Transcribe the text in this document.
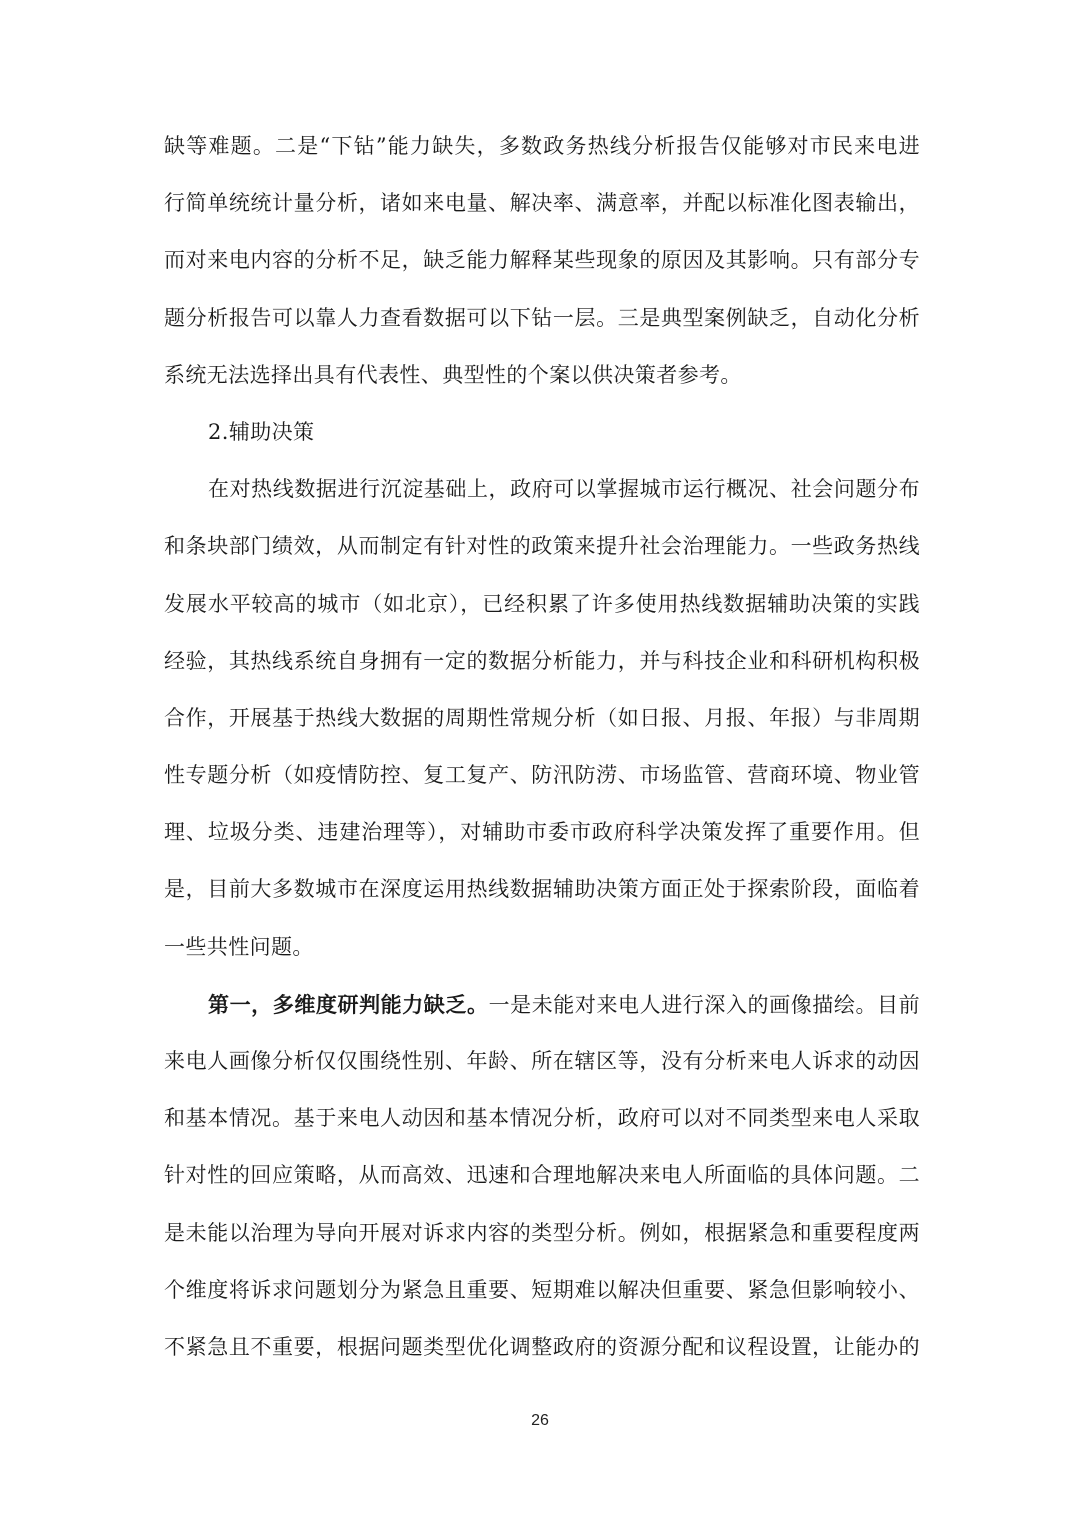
缺等难题。二是“下钻”能力缺失，多数政务热线分析报告仅能够对市民来电进
行简单统统计量分析，诸如来电量、解决率、满意率，并配以标准化图表输出，
而对来电内容的分析不足，缺乏能力解释某些现象的原因及其影响。只有部分专
题分析报告可以靠人力查看数据可以下钻一层。三是典型案例缺乏，自动化分析
系统无法选择出具有代表性、典型性的个案以供决策者参考。
2.辅助决策
在对热线数据进行沉淀基础上，政府可以掌握城市运行概况、社会问题分布
和条块部门绩效，从而制定有针对性的政策来提升社会治理能力。一些政务热线
发展水平较高的城市（如北京），已经积累了许多使用热线数据辅助决策的实践
经验，其热线系统自身拥有一定的数据分析能力，并与科技企业和科研机构积极
合作，开展基于热线大数据的周期性常规分析（如日报、月报、年报）与非周期
性专题分析（如疫情防控、复工复产、防汛防涝、市场监管、营商环境、物业管
理、垃圾分类、违建治理等），对辅助市委市政府科学决策发挥了重要作用。但
是，目前大多数城市在深度运用热线数据辅助决策方面正处于探索阶段，面临着
一些共性问题。
第一，多维度研判能力缺乏。一是未能对来电人进行深入的画像描绘。目前
来电人画像分析仅仅围绕性别、年龄、所在辖区等，没有分析来电人诉求的动因
和基本情况。基于来电人动因和基本情况分析，政府可以对不同类型来电人采取
针对性的回应策略，从而高效、迅速和合理地解决来电人所面临的具体问题。二
是未能以治理为导向开展对诉求内容的类型分析。例如，根据紧急和重要程度两
个维度将诉求问题划分为紧急且重要、短期难以解决但重要、紧急但影响较小、
不紧急且不重要，根据问题类型优化调整政府的资源分配和议程设置，让能办的
26
